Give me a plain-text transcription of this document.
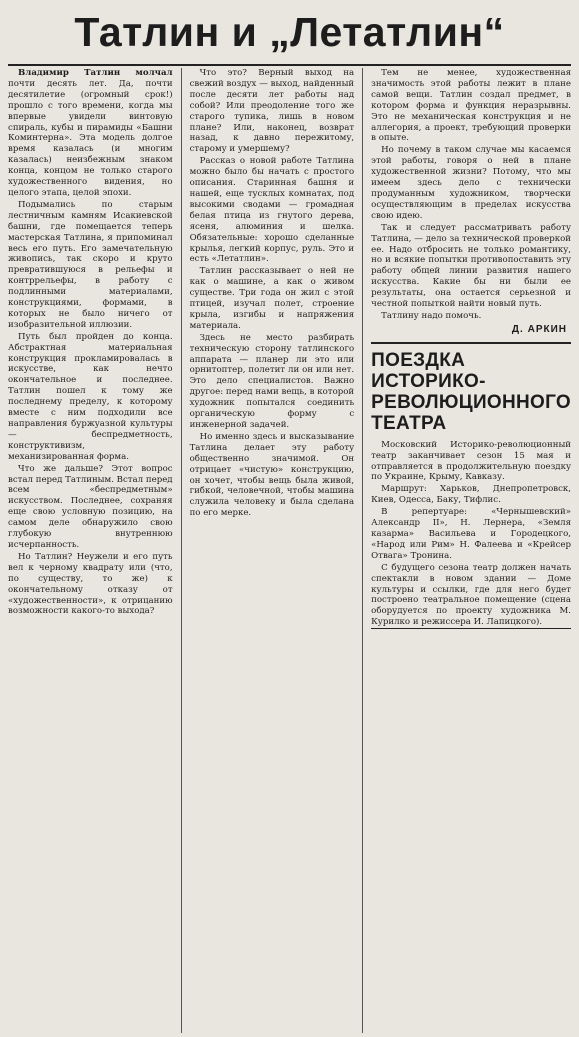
Татлин и „Летатлин“

Владимир Татлин молчал почти десять лет. Да, почти десятилетие (огромный срок!) прошло с того времени, когда мы впервые увидели винтовую спираль, кубы и пирамиды «Башни Коминтерна». Эта модель долгое время казалась (и многим казалась) неизбежным знаком конца, концом не только старого художественного видения, но целого этапа, целой эпохи.

Подымались по старым лестничным камням Исакиевской башни, где помещается теперь мастерская Татлина, я припоминал весь его путь. Его замечательную живопись, так скоро и круто превратившуюся в рельефы и контррельефы, в работу с подлинными материалами, конструкциями, формами, в которых не было ничего от изобразительной иллюзии.

Путь был пройден до конца. Абстрактная материальная конструкция прокламировалась в искусстве, как нечто окончательное и последнее. Татлин пошел к тому же последнему пределу, к которому вместе с ним подходили все направления буржуазной культуры — беспредметность, конструктивизм, механизированная форма.

Что же дальше? Этот вопрос встал перед Татлиным. Встал перед всем «беспредметным» искусством. Последнее, сохраняя еще свою условную позицию, на самом деле обнаружило свою глубокую внутреннюю исчерпанность.

Но Татлин? Неужели и его путь вел к черному квадрату или (что, по существу, то же) к окончательному отказу от «художественности», к отрицанию возможности какого-то выхода?

Что это? Верный выход на свежий воздух — выход, найденный после десяти лет работы над собой? Или преодоление того же старого тупика, лишь в новом плане? Или, наконец, возврат назад, к давно пережитому, старому и умершему?

Рассказ о новой работе Татлина можно было бы начать с простого описания. Старинная башня и нашей, еще тусклых комнатах, под высокими сводами — громадная белая птица из гнутого дерева, ясеня, алюминия и шелка. Обязательные: хорошо сделанные крылья, легкий корпус, руль. Это и есть «Летатлин».

Татлин рассказывает о ней не как о машине, а как о живом существе. Три года он жил с этой птицей, изучал полет, строение крыла, изгибы и напряжения материала.

Здесь не место разбирать техническую сторону татлинского аппарата — планер ли это или орнитоптер, полетит ли он или нет. Это дело специалистов. Важно другое: перед нами вещь, в которой художник попытался соединить органическую форму с инженерной задачей.

Но именно здесь и высказывание Татлина делает эту работу общественно значимой. Он отрицает «чистую» конструкцию, он хочет, чтобы вещь была живой, гибкой, человечной, чтобы машина служила человеку и была сделана по его мерке.

Тем не менее, художественная значимость этой работы лежит в плане самой вещи. Татлин создал предмет, в котором форма и функция неразрывны. Это не механическая конструкция и не аллегория, а проект, требующий проверки в опыте.

Но почему в таком случае мы касаемся этой работы, говоря о ней в плане художественной жизни? Потому, что мы имеем здесь дело с технически продуманным художником, творчески осуществляющим в пределах искусства свою идею.

Так и следует рассматривать работу Татлина, — дело за технической проверкой ее. Надо отбросить не только романтику, но и всякие попытки противопоставить эту работу общей линии развития нашего искусства. Какие бы ни были ее результаты, она остается серьезной и честной попыткой найти новый путь.

Татлину надо помочь.

Д. АРКИН
ПОЕЗДКА ИСТОРИКО-РЕВОЛЮЦИОННОГО ТЕАТРА

Московский Историко-революционный театр заканчивает сезон 15 мая и отправляется в продолжительную поездку по Украине, Крыму, Кавказу.

Маршрут: Харьков, Днепропетровск, Киев, Одесса, Баку, Тифлис.

В репертуаре: «Чернышевский» Александр II», Н. Лернера, «Земля казарма» Васильева и Городецкого, «Народ или Рим» Н. Фалеева и «Крейсер Отвага» Тронина.

С будущего сезона театр должен начать спектакли в новом здании — Доме культуры и ссылки, где для него будет построено театральное помещение (сцена оборудуется по проекту художника М. Курилко и режиссера И. Лапицкого).
